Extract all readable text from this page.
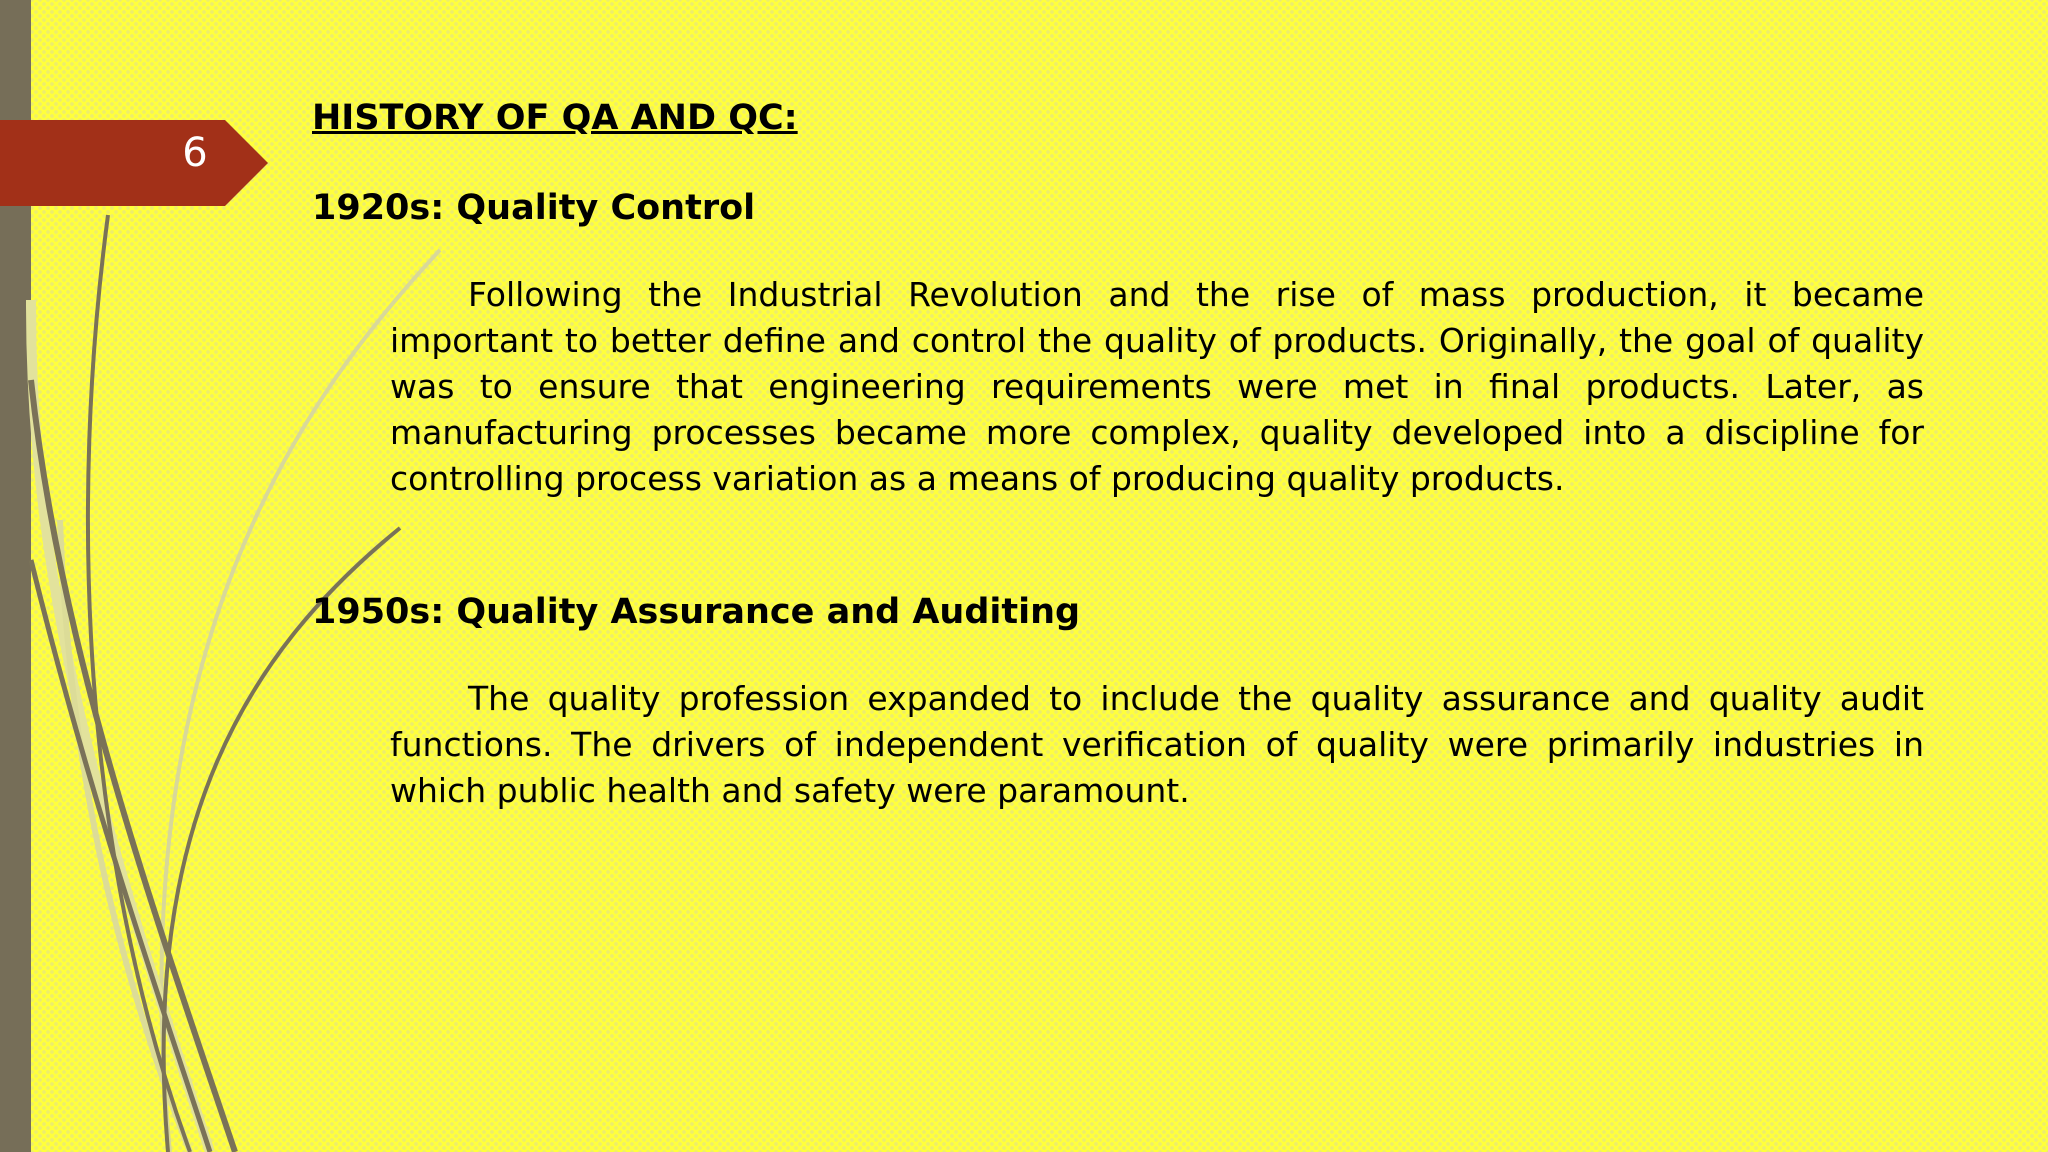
6
HISTORY OF QA AND QC:
1920s: Quality Control

Following the Industrial Revolution and the rise of mass production, it became important to better define and control the quality of products. Originally, the goal of quality was to ensure that engineering requirements were met in final products. Later, as manufacturing processes became more complex, quality developed into a discipline for controlling process variation as a means of producing quality products.

1950s: Quality Assurance and Auditing

The quality profession expanded to include the quality assurance and quality audit functions. The drivers of independent verification of quality were primarily industries in which public health and safety were paramount.
